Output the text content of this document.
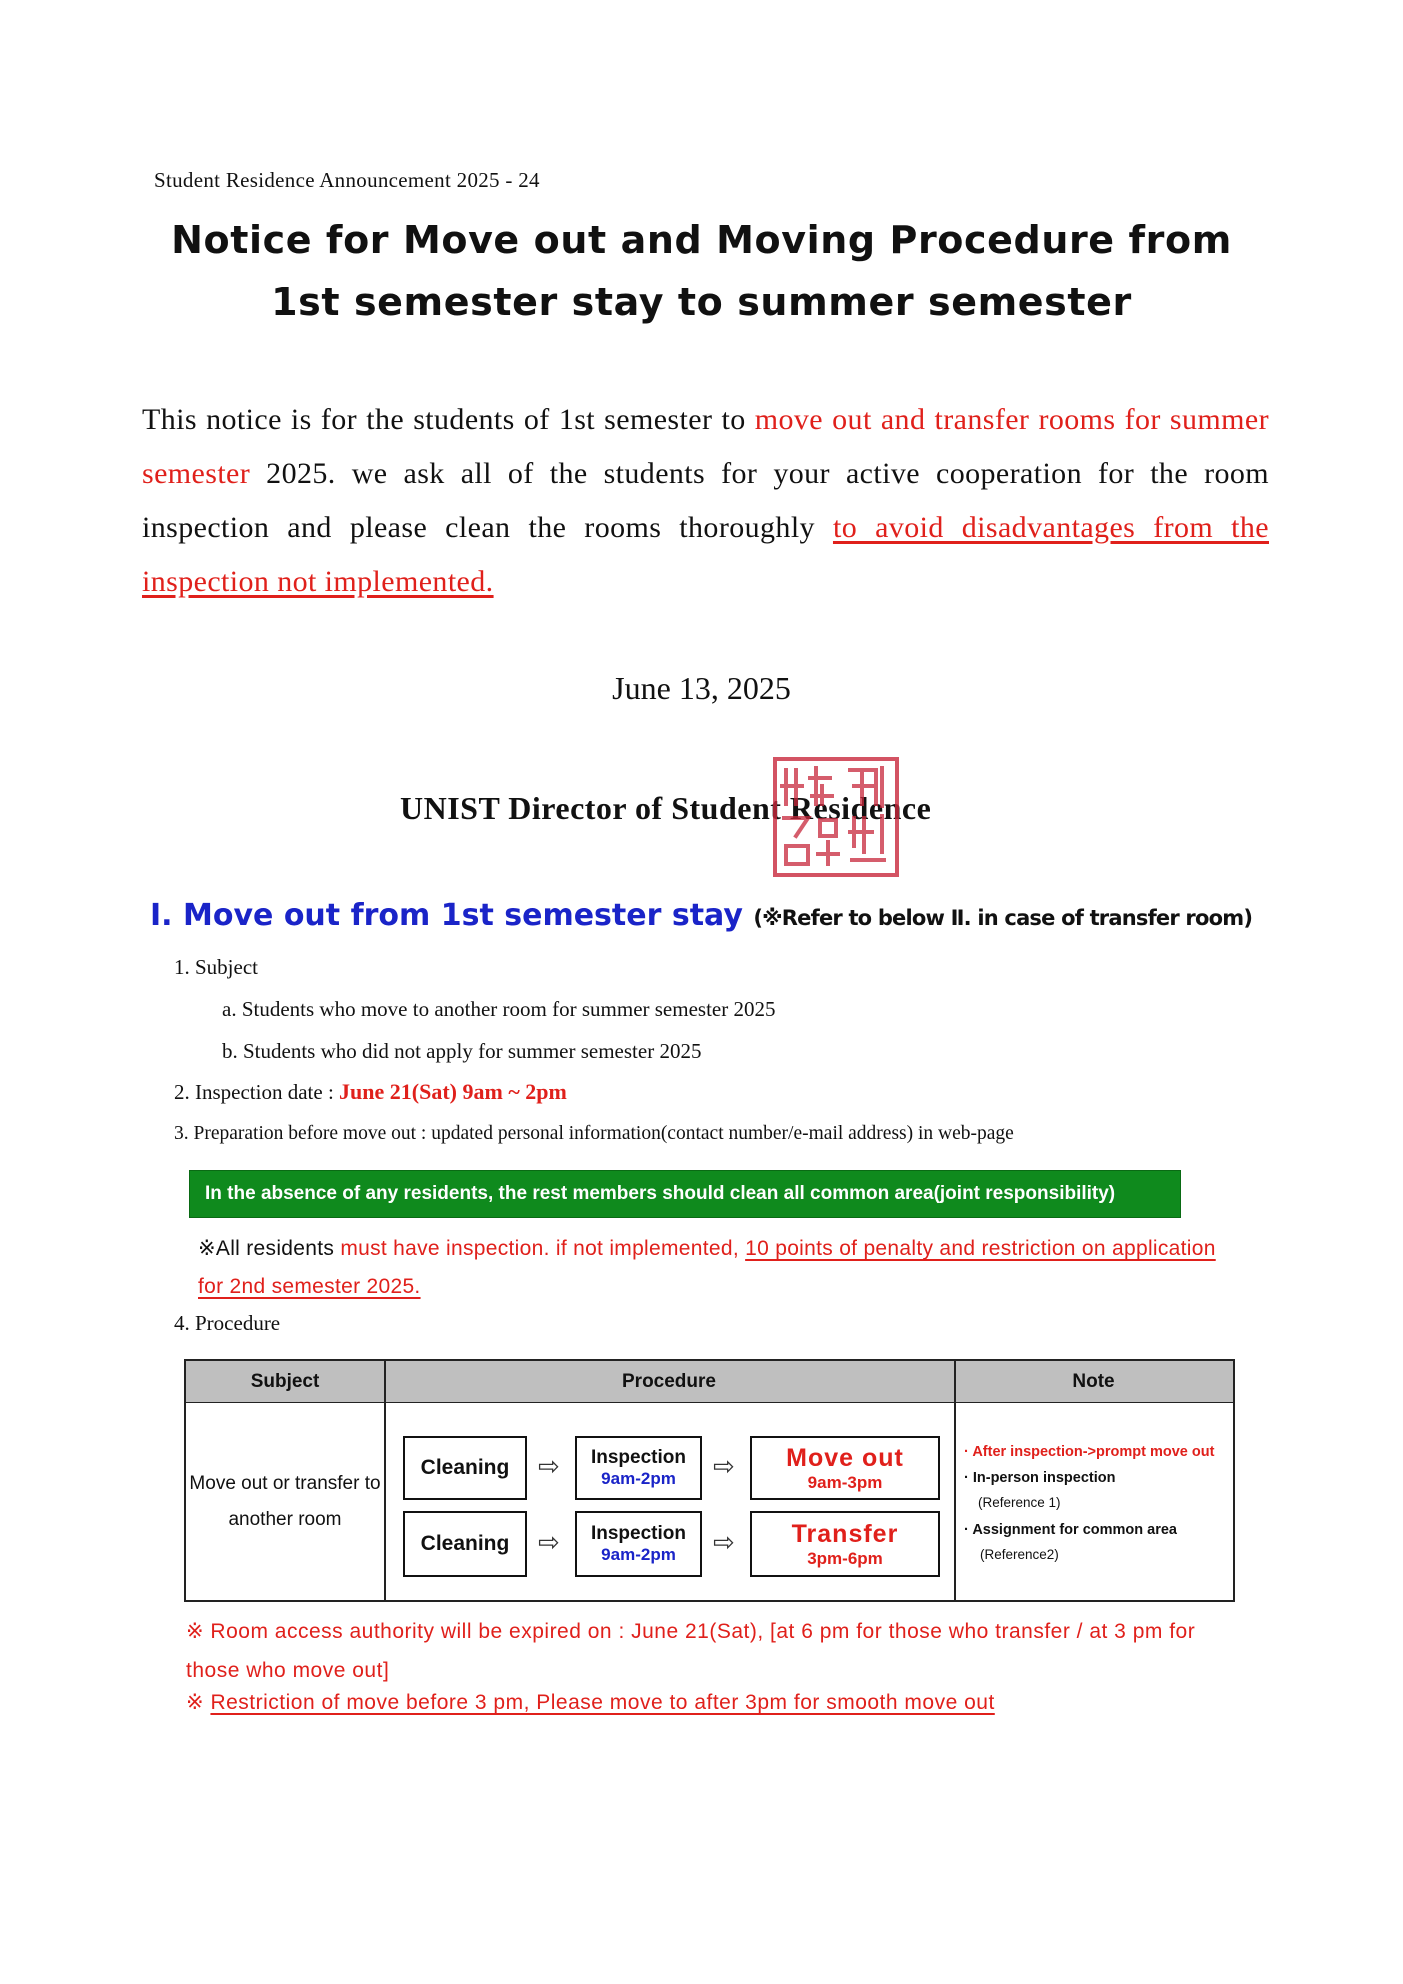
Student Residence Announcement 2025 - 24
Notice for Move out and Moving Procedure from
1st semester stay to summer semester
This notice is for the students of 1st semester to move out and transfer rooms for summer semester 2025. we ask all of the students for your active cooperation for the room inspection and please clean the rooms thoroughly to avoid disadvantages from the inspection not implemented.
June 13, 2025
UNIST Director of Student Residence
Ⅰ. Move out from 1st semester stay (※Refer to below Ⅱ. in case of transfer room)
1. Subject
a. Students who move to another room for summer semester 2025
b. Students who did not apply for summer semester 2025
2. Inspection date : June 21(Sat) 9am ~ 2pm
3. Preparation before move out : updated personal information(contact number/e-mail address) in web-page
In the absence of any residents, the rest members should clean all common area(joint responsibility)
※All residents must have inspection. if not implemented, 10 points of penalty and restriction on application for 2nd semester 2025.
4. Procedure
Subject	Procedure	Note
Move out or transfer to another room
Cleaning ⇨ Inspection
9am-2pm ⇨ Move out
9am-3pm
Cleaning ⇨ Inspection
9am-2pm ⇨ Transfer
3pm-6pm
· After inspection->prompt move out
· In-person inspection
(Reference 1)
· Assignment for common area
(Reference2)
※ Room access authority will be expired on : June 21(Sat), [at 6 pm for those who transfer / at 3 pm for those who move out]
※ Restriction of move before 3 pm, Please move to after 3pm for smooth move out
